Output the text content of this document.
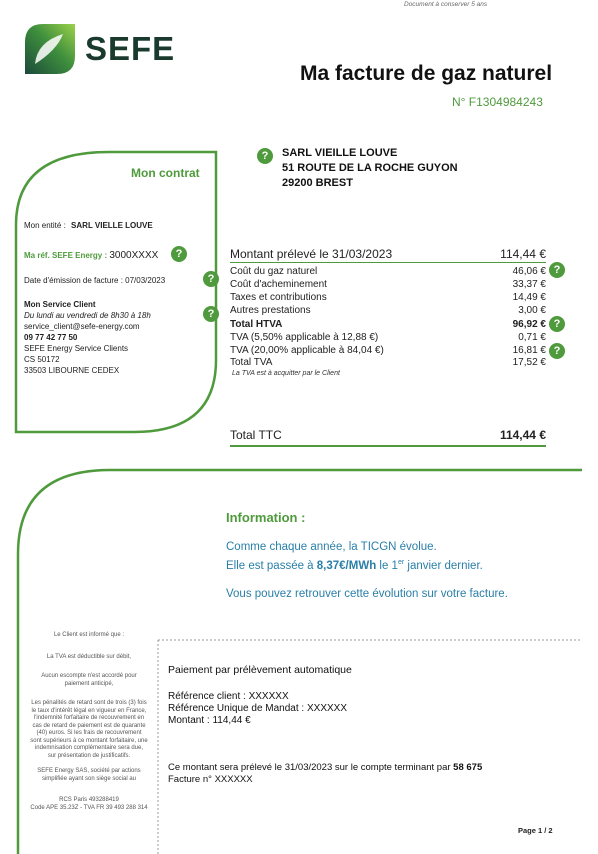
Document à conserver 5 ans
SEFE
Ma facture de gaz naturel
N° F1304984243
?
SARL VIEILLE LOUVE
51 ROUTE DE LA ROCHE GUYON
29200 BREST
Mon contrat
Mon entité : SARL VIELLE LOUVE
Ma réf. SEFE Energy : 3000XXXX
?
Date d'émission de facture : 07/03/2023
?
Mon Service Client
Du lundi au vendredi de 8h30 à 18h
service_client@sefe-energy.com
09 77 42 77 50
SEFE Energy Service Clients
CS 50172
33503 LIBOURNE CEDEX
?
Montant prélevé le 31/03/2023	114,44 €
Coût du gaz naturel	46,06 €
Coût d'acheminement	33,37 €
Taxes et contributions	14,49 €
Autres prestations	3,00 €
Total HTVA	96,92 €
TVA (5,50% applicable à 12,88 €)	0,71 €
TVA (20,00% applicable à 84,04 €)	16,81 €
Total TVA	17,52 €
La TVA est à acquitter par le Client
?
?
?
Total TTC	114,44 €
Information :
Comme chaque année, la TICGN évolue.
Elle est passée à 8,37€/MWh le 1er janvier dernier.
Vous pouvez retrouver cette évolution sur votre facture.
Le Client est informé que :
La TVA est déductible sur débit,
Aucun escompte n'est accordé pour paiement anticipé,
Les pénalités de retard sont de trois (3) fois le taux d'intérêt légal en vigueur en France, l'indemnité forfaitaire de recouvrement en cas de retard de paiement est de quarante (40) euros. Si les frais de recouvrement sont supérieurs à ce montant forfaitaire, une indemnisation complémentaire sera due, sur présentation de justificatifs.
SEFE Energy SAS, société par actions simplifiée ayant son siège social au
RCS Paris 493288419
Code APE 35.23Z - TVA FR 39 493 288 314
Paiement par prélèvement automatique
Référence client : XXXXXX
Référence Unique de Mandat : XXXXXX
Montant : 114,44 €
Ce montant sera prélevé le 31/03/2023 sur le compte terminant par 58 675
Facture n° XXXXXX
Page 1 / 2
